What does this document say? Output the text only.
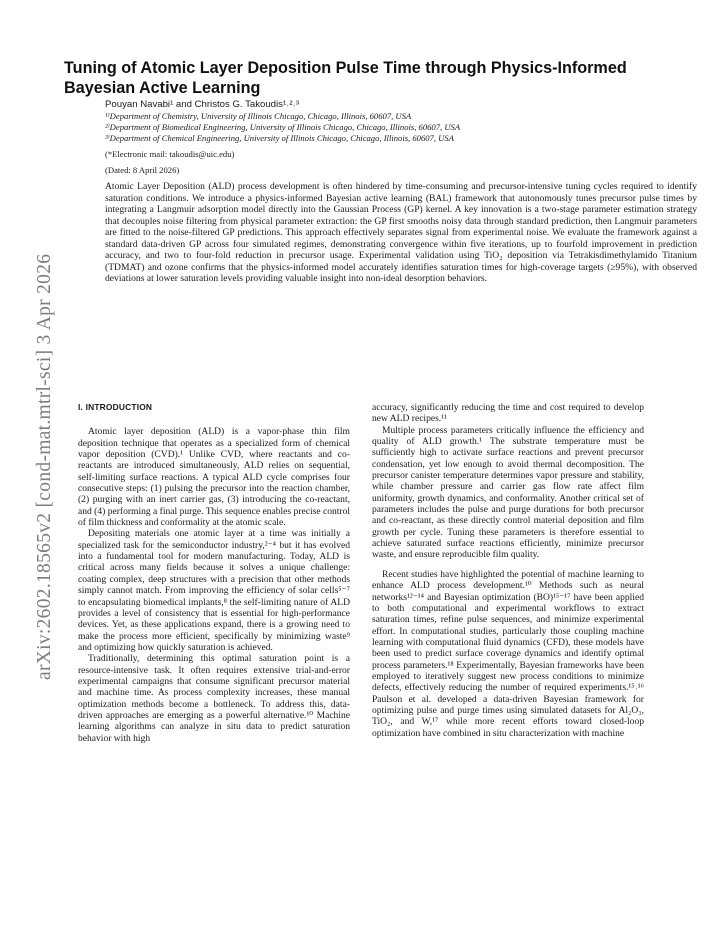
arXiv:2602.18565v2 [cond-mat.mtrl-sci] 3 Apr 2026
Tuning of Atomic Layer Deposition Pulse Time through Physics-Informed Bayesian Active Learning
Pouyan Navabi¹ and Christos G. Takoudis¹˒²˒³
¹⁾Department of Chemistry, University of Illinois Chicago, Chicago, Illinois, 60607, USA
²⁾Department of Biomedical Engineering, University of Illinois Chicago, Chicago, Illinois, 60607, USA
³⁾Department of Chemical Engineering, University of Illinois Chicago, Chicago, Illinois, 60607, USA
(*Electronic mail: takoudis@uic.edu)
(Dated: 8 April 2026)
Atomic Layer Deposition (ALD) process development is often hindered by time-consuming and precursor-intensive tuning cycles required to identify saturation conditions. We introduce a physics-informed Bayesian active learning (BAL) framework that autonomously tunes precursor pulse times by integrating a Langmuir adsorption model directly into the Gaussian Process (GP) kernel. A key innovation is a two-stage parameter estimation strategy that decouples noise filtering from physical parameter extraction: the GP first smooths noisy data through standard prediction, then Langmuir parameters are fitted to the noise-filtered GP predictions. This approach effectively separates signal from experimental noise. We evaluate the framework against a standard data-driven GP across four simulated regimes, demonstrating convergence within five iterations, up to fourfold improvement in prediction accuracy, and two to four-fold reduction in precursor usage. Experimental validation using TiO₂ deposition via Tetrakisdimethylamido Titanium (TDMAT) and ozone confirms that the physics-informed model accurately identifies saturation times for high-coverage targets (≥95%), with observed deviations at lower saturation levels providing valuable insight into non-ideal desorption behaviors.
I. INTRODUCTION

Atomic layer deposition (ALD) is a vapor-phase thin film deposition technique that operates as a specialized form of chemical vapor deposition (CVD).¹ Unlike CVD, where reactants and co-reactants are introduced simultaneously, ALD relies on sequential, self-limiting surface reactions. A typical ALD cycle comprises four consecutive steps: (1) pulsing the precursor into the reaction chamber, (2) purging with an inert carrier gas, (3) introducing the co-reactant, and (4) performing a final purge. This sequence enables precise control of film thickness and conformality at the atomic scale.

Depositing materials one atomic layer at a time was initially a specialized task for the semiconductor industry,²⁻⁴ but it has evolved into a fundamental tool for modern manufacturing. Today, ALD is critical across many fields because it solves a unique challenge: coating complex, deep structures with a precision that other methods simply cannot match. From improving the efficiency of solar cells⁵⁻⁷ to encapsulating biomedical implants,⁸ the self-limiting nature of ALD provides a level of consistency that is essential for high-performance devices. Yet, as these applications expand, there is a growing need to make the process more efficient, specifically by minimizing waste⁹ and optimizing how quickly saturation is achieved.

Traditionally, determining this optimal saturation point is a resource-intensive task. It often requires extensive trial-and-error experimental campaigns that consume significant precursor material and machine time. As process complexity increases, these manual optimization methods become a bottleneck. To address this, data-driven approaches are emerging as a powerful alternative.¹⁰ Machine learning algorithms can analyze in situ data to predict saturation behavior with high

accuracy, significantly reducing the time and cost required to develop new ALD recipes.¹¹

Multiple process parameters critically influence the efficiency and quality of ALD growth.¹ The substrate temperature must be sufficiently high to activate surface reactions and prevent precursor condensation, yet low enough to avoid thermal decomposition. The precursor canister temperature determines vapor pressure and stability, while chamber pressure and carrier gas flow rate affect film uniformity, growth dynamics, and conformality. Another critical set of parameters includes the pulse and purge durations for both precursor and co-reactant, as these directly control material deposition and film growth per cycle. Tuning these parameters is therefore essential to achieve saturated surface reactions efficiently, minimize precursor waste, and ensure reproducible film quality.

Recent studies have highlighted the potential of machine learning to enhance ALD process development.¹⁰ Methods such as neural networks¹²⁻¹⁴ and Bayesian optimization (BO)¹⁵⁻¹⁷ have been applied to both computational and experimental workflows to extract saturation times, refine pulse sequences, and minimize experimental effort. In computational studies, particularly those coupling machine learning with computational fluid dynamics (CFD), these models have been used to predict surface coverage dynamics and identify optimal process parameters.¹⁸ Experimentally, Bayesian frameworks have been employed to iteratively suggest new process conditions to minimize defects, effectively reducing the number of required experiments.¹⁵˒¹⁶ Paulson et al. developed a data-driven Bayesian framework for optimizing pulse and purge times using simulated datasets for Al₂O₃, TiO₂, and W,¹⁷ while more recent efforts toward closed-loop optimization have combined in situ characterization with machine
